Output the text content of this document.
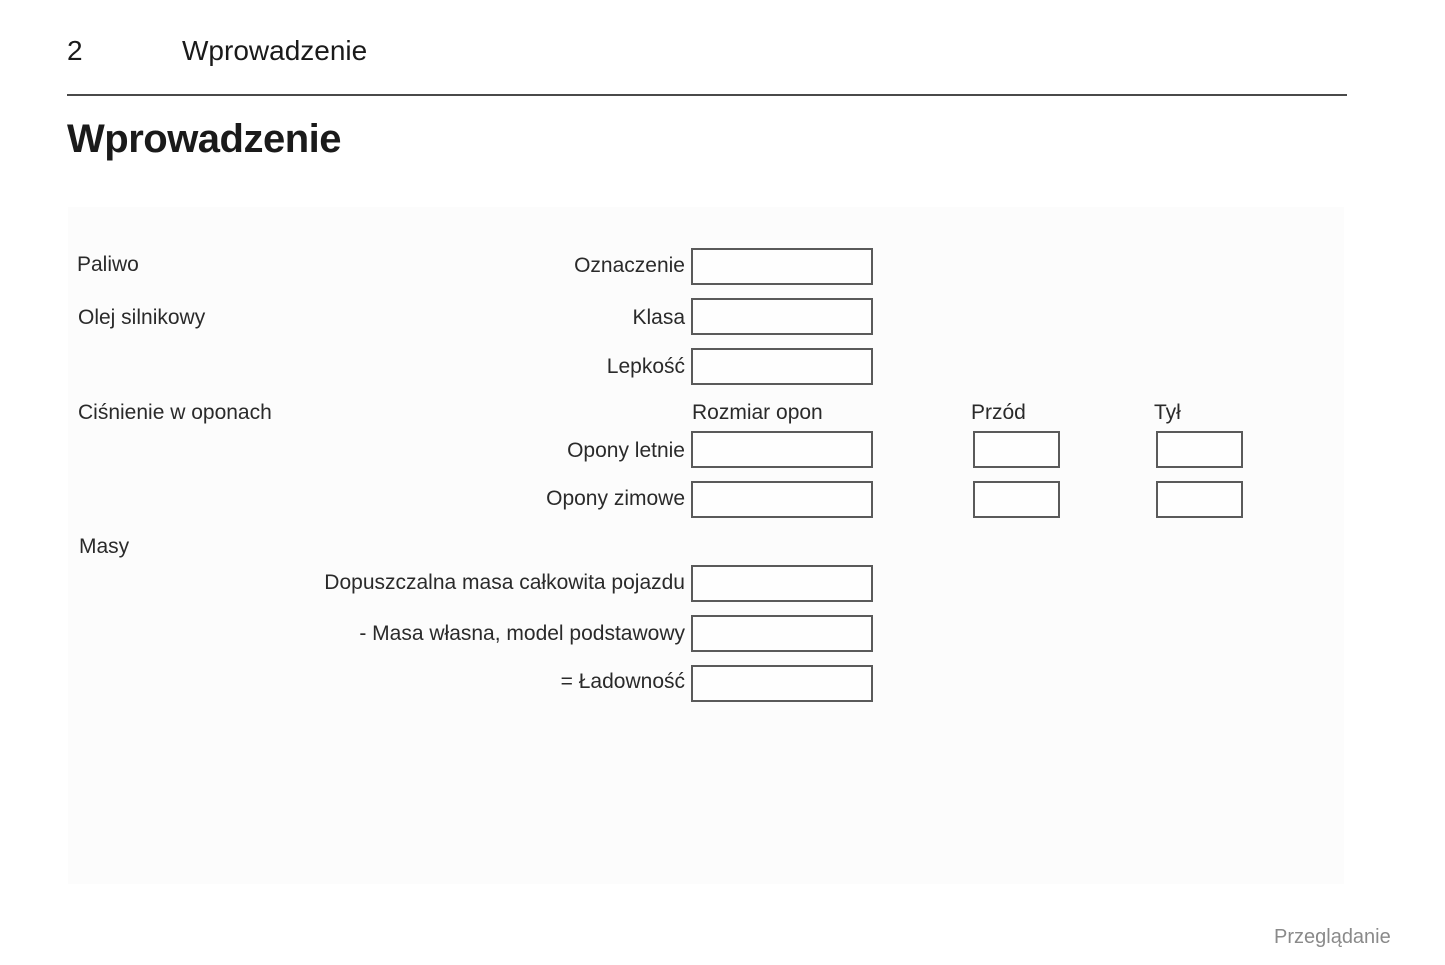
2	Wprowadzenie
Wprowadzenie
Paliwo	Oznaczenie
Olej silnikowy	Klasa
Lepkość
Ciśnienie w oponach	Rozmiar opon	Przód	Tył
Opony letnie
Opony zimowe
Masy
Dopuszczalna masa całkowita pojazdu
- Masa własna, model podstawowy
= Ładowność
Przeglądanie
